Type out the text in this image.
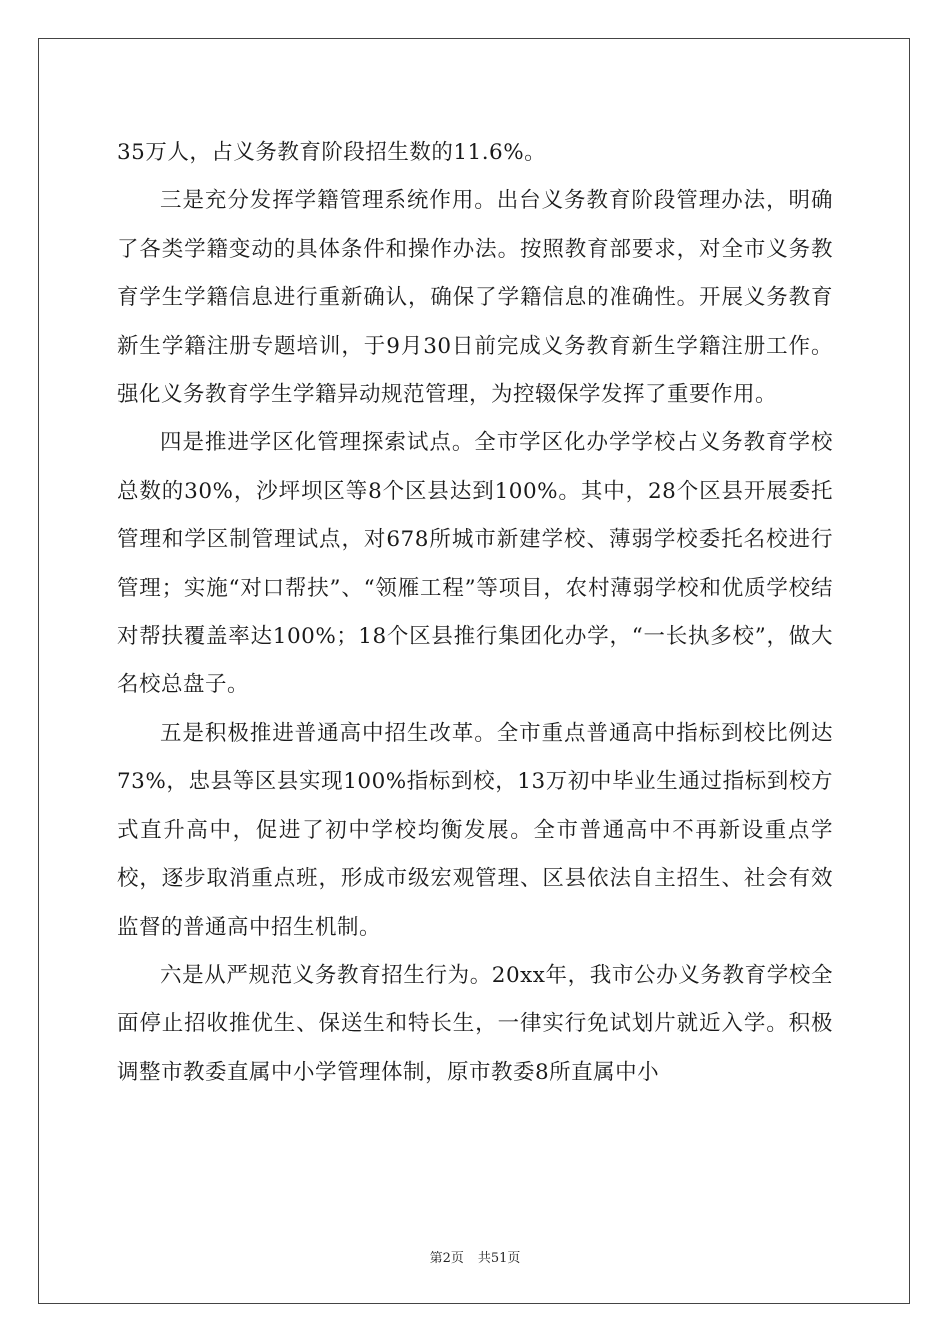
35万人，占义务教育阶段招生数的11.6%。

三是充分发挥学籍管理系统作用。出台义务教育阶段管理办法，明确了各类学籍变动的具体条件和操作办法。按照教育部要求，对全市义务教育学生学籍信息进行重新确认，确保了学籍信息的准确性。开展义务教育新生学籍注册专题培训，于9月30日前完成义务教育新生学籍注册工作。强化义务教育学生学籍异动规范管理，为控辍保学发挥了重要作用。

四是推进学区化管理探索试点。全市学区化办学学校占义务教育学校总数的30%，沙坪坝区等8个区县达到100%。其中，28个区县开展委托管理和学区制管理试点，对678所城市新建学校、薄弱学校委托名校进行管理；实施“对口帮扶”、“领雁工程”等项目，农村薄弱学校和优质学校结对帮扶覆盖率达100%；18个区县推行集团化办学，“一长执多校”，做大名校总盘子。

五是积极推进普通高中招生改革。全市重点普通高中指标到校比例达73%，忠县等区县实现100%指标到校，13万初中毕业生通过指标到校方式直升高中，促进了初中学校均衡发展。全市普通高中不再新设重点学校，逐步取消重点班，形成市级宏观管理、区县依法自主招生、社会有效监督的普通高中招生机制。

六是从严规范义务教育招生行为。20xx年，我市公办义务教育学校全面停止招收推优生、保送生和特长生，一律实行免试划片就近入学。积极调整市教委直属中小学管理体制，原市教委8所直属中小

第2页 共51页
